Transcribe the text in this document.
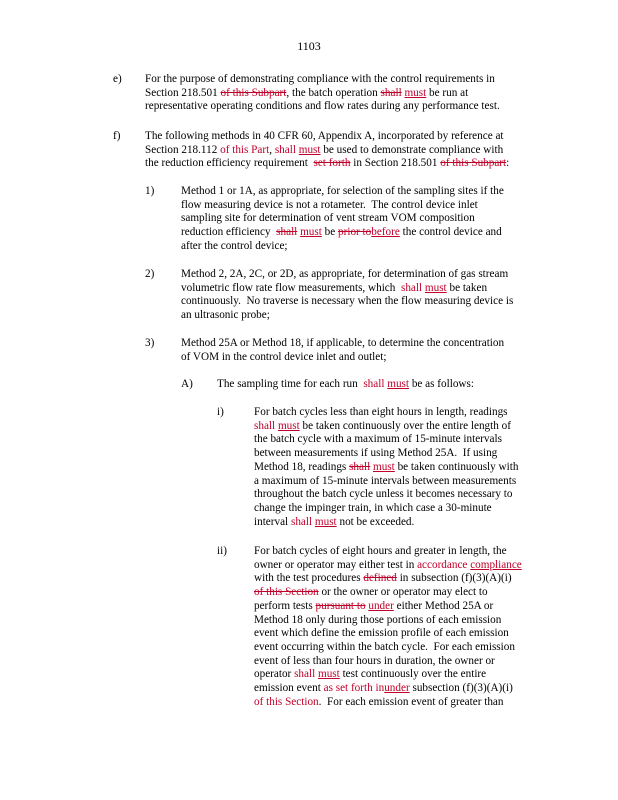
1103
e) For the purpose of demonstrating compliance with the control requirements in
Section 218.501 of this Subpart, the batch operation shall must be run at
representative operating conditions and flow rates during any performance test.
f) The following methods in 40 CFR 60, Appendix A, incorporated by reference at
Section 218.112 of this Part, shall must be used to demonstrate compliance with
the reduction efficiency requirement  set forth in Section 218.501 of this Subpart:
1) Method 1 or 1A, as appropriate, for selection of the sampling sites if the
flow measuring device is not a rotameter.  The control device inlet
sampling site for determination of vent stream VOM composition
reduction efficiency  shall must be prior tobefore the control device and
after the control device;
2) Method 2, 2A, 2C, or 2D, as appropriate, for determination of gas stream
volumetric flow rate flow measurements, which  shall must be taken
continuously.  No traverse is necessary when the flow measuring device is
an ultrasonic probe;
3) Method 25A or Method 18, if applicable, to determine the concentration
of VOM in the control device inlet and outlet;
A) The sampling time for each run  shall must be as follows:
i)	For batch cycles less than eight hours in length, readings
shall must be taken continuously over the entire length of
the batch cycle with a maximum of 15-minute intervals
between measurements if using Method 25A.  If using
Method 18, readings shall must be taken continuously with
a maximum of 15-minute intervals between measurements
throughout the batch cycle unless it becomes necessary to
change the impinger train, in which case a 30-minute
interval shall must not be exceeded.
ii) For batch cycles of eight hours and greater in length, the
owner or operator may either test in accordance compliance
with the test procedures defined in subsection (f)(3)(A)(i)
of this Section or the owner or operator may elect to
perform tests pursuant to under either Method 25A or
Method 18 only during those portions of each emission
event which define the emission profile of each emission
event occurring within the batch cycle.  For each emission
event of less than four hours in duration, the owner or
operator shall must test continuously over the entire
emission event as set forth inunder subsection (f)(3)(A)(i)
of this Section.  For each emission event of greater than
